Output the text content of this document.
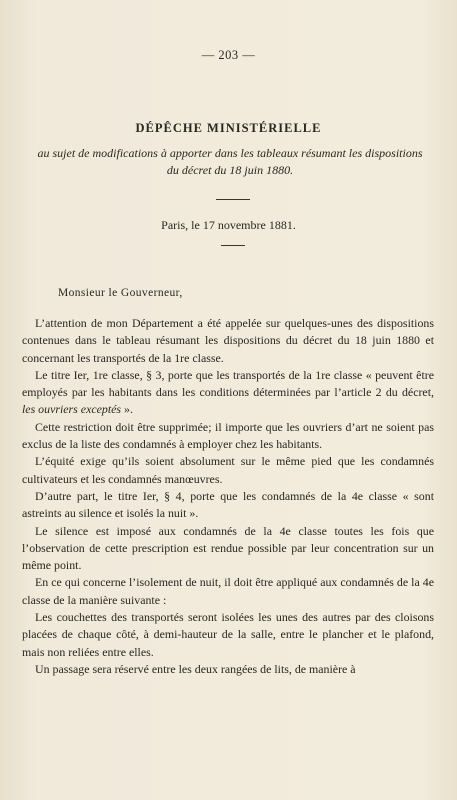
— 203 —
DÉPÊCHE MINISTÉRIELLE
au sujet de modifications à apporter dans les tableaux résumant les dispositions
du décret du 18 juin 1880.
Paris, le 17 novembre 1881.
Monsieur le Gouverneur,

L’attention de mon Département a été appelée sur quelques-unes des dispositions contenues dans le tableau résumant les dispositions du décret du 18 juin 1880 et concernant les transportés de la 1re classe.

Le titre Ier, 1re classe, § 3, porte que les transportés de la 1re classe « peuvent être employés par les habitants dans les conditions déterminées par l’article 2 du décret, les ouvriers exceptés ».

Cette restriction doit être supprimée; il importe que les ouvriers d’art ne soient pas exclus de la liste des condamnés à employer chez les habitants.

L’équité exige qu’ils soient absolument sur le même pied que les condamnés cultivateurs et les condamnés manœuvres.

D’autre part, le titre Ier, § 4, porte que les condamnés de la 4e classe « sont astreints au silence et isolés la nuit ».

Le silence est imposé aux condamnés de la 4e classe toutes les fois que l’observation de cette prescription est rendue possible par leur concentration sur un même point.

En ce qui concerne l’isolement de nuit, il doit être appliqué aux condamnés de la 4e classe de la manière suivante :

Les couchettes des transportés seront isolées les unes des autres par des cloisons placées de chaque côté, à demi-hauteur de la salle, entre le plancher et le plafond, mais non reliées entre elles.

Un passage sera réservé entre les deux rangées de lits, de manière à
